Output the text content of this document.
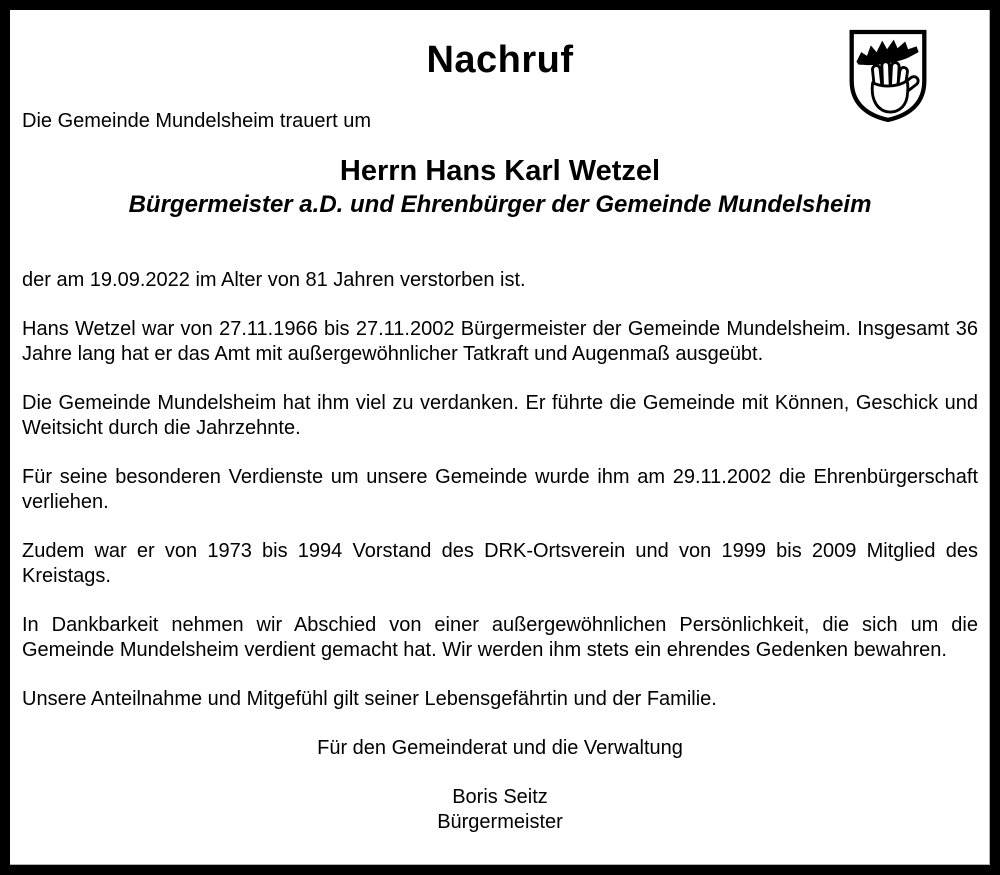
Nachruf

Die Gemeinde Mundelsheim trauert um

Herrn Hans Karl Wetzel
Bürgermeister a.D. und Ehrenbürger der Gemeinde Mundelsheim

der am 19.09.2022 im Alter von 81 Jahren verstorben ist.

Hans Wetzel war von 27.11.1966 bis 27.11.2002 Bürgermeister der Gemeinde Mundelsheim. Insgesamt 36 Jahre lang hat er das Amt mit außergewöhnlicher Tatkraft und Augenmaß ausgeübt.

Die Gemeinde Mundelsheim hat ihm viel zu verdanken. Er führte die Gemeinde mit Können, Geschick und Weitsicht durch die Jahrzehnte.

Für seine besonderen Verdienste um unsere Gemeinde wurde ihm am 29.11.2002 die Ehrenbürgerschaft verliehen.

Zudem war er von 1973 bis 1994 Vorstand des DRK-Ortsverein und von 1999 bis 2009 Mitglied des Kreistags.

In Dankbarkeit nehmen wir Abschied von einer außergewöhnlichen Persönlichkeit, die sich um die Gemeinde Mundelsheim verdient gemacht hat. Wir werden ihm stets ein ehrendes Gedenken bewahren.

Unsere Anteilnahme und Mitgefühl gilt seiner Lebensgefährtin und der Familie.

Für den Gemeinderat und die Verwaltung

Boris Seitz
Bürgermeister
